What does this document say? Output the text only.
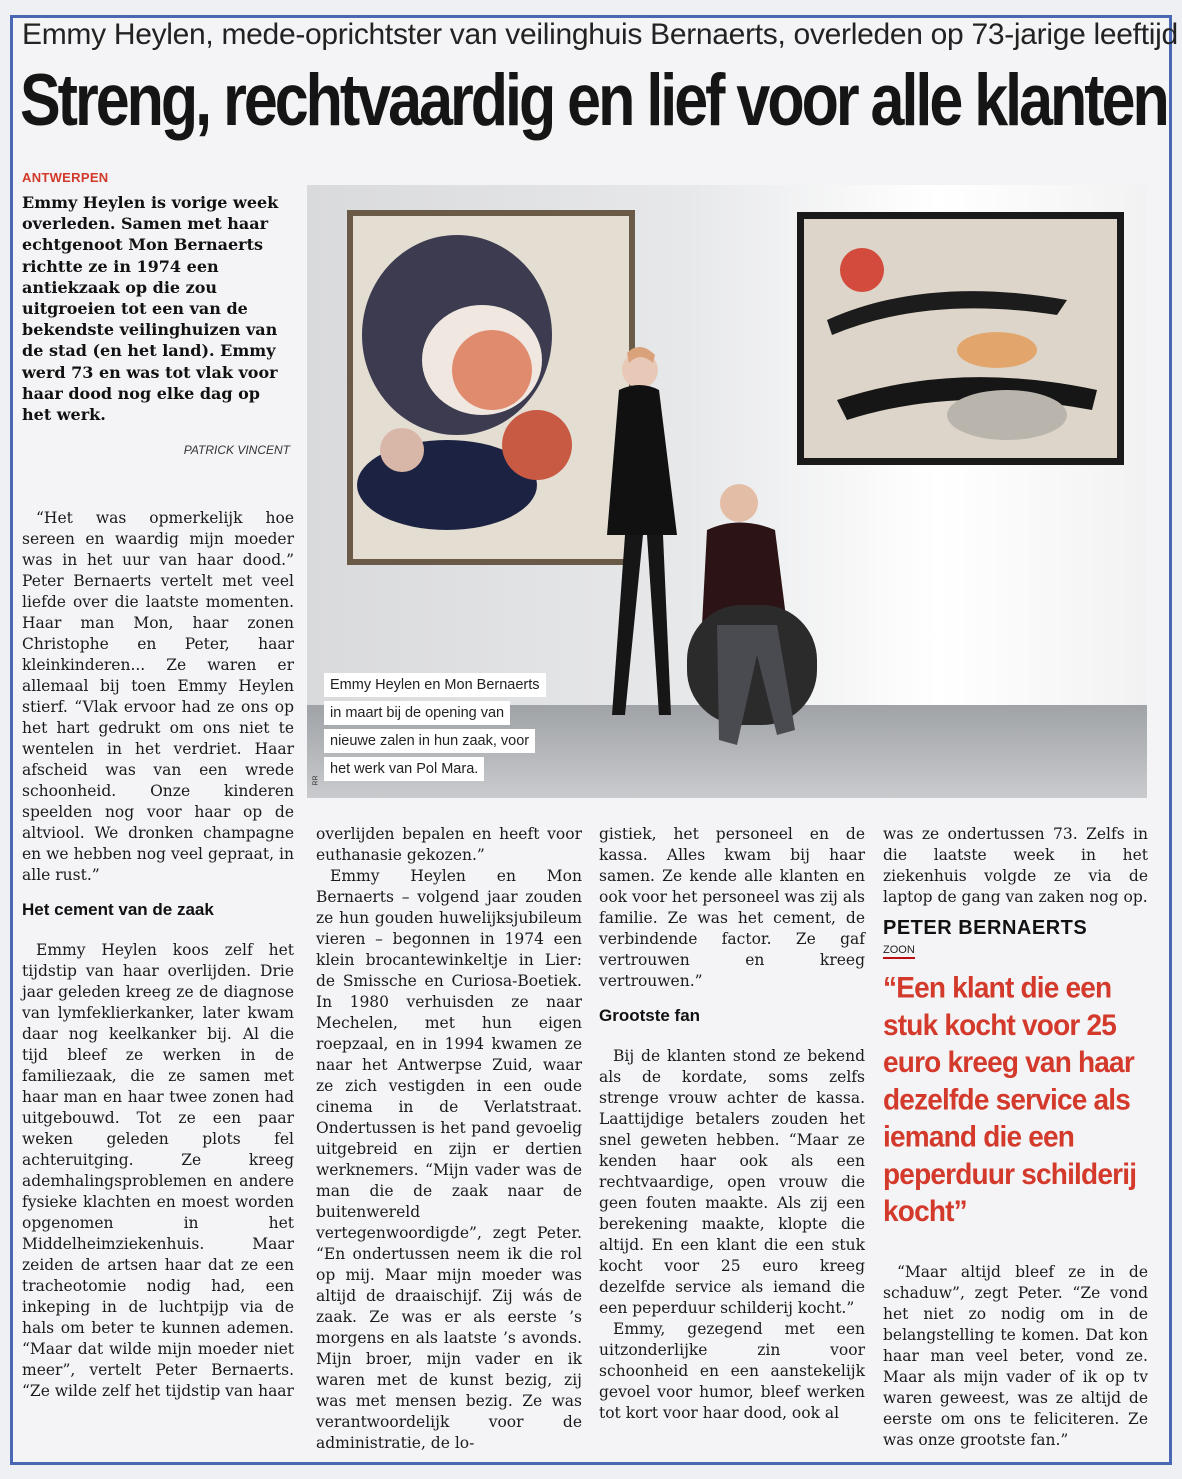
Emmy Heylen, mede-oprichtster van veilinghuis Bernaerts, overleden op 73-jarige leeftijd
Streng, rechtvaardig en lief voor alle klanten
ANTWERPEN

Emmy Heylen is vorige week overleden. Samen met haar echtgenoot Mon Bernaerts richtte ze in 1974 een antiekzaak op die zou uitgroeien tot een van de bekendste veilinghuizen van de stad (en het land). Emmy werd 73 en was tot vlak voor haar dood nog elke dag op het werk.

PATRICK VINCENT
Emmy Heylen en Mon Bernaerts
in maart bij de opening van
nieuwe zalen in hun zaak, voor
het werk van Pol Mara.
RR

“Het was opmerkelijk hoe sereen en waardig mijn moeder was in het uur van haar dood.” Peter Bernaerts vertelt met veel liefde over die laatste momenten. Haar man Mon, haar zonen Christophe en Peter, haar kleinkinderen... Ze waren er allemaal bij toen Emmy Heylen stierf. “Vlak ervoor had ze ons op het hart gedrukt om ons niet te wentelen in het verdriet. Haar afscheid was van een wrede schoonheid. Onze kinderen speelden nog voor haar op de altviool. We dronken champagne en we hebben nog veel gepraat, in alle rust.”

Het cement van de zaak

Emmy Heylen koos zelf het tijdstip van haar overlijden. Drie jaar geleden kreeg ze de diagnose van lymfeklierkanker, later kwam daar nog keelkanker bij. Al die tijd bleef ze werken in de familiezaak, die ze samen met haar man en haar twee zonen had uitgebouwd. Tot ze een paar weken geleden plots fel achteruitging. Ze kreeg ademhalingsproblemen en andere fysieke klachten en moest worden opgenomen in het Middelheimziekenhuis. Maar zeiden de artsen haar dat ze een tracheotomie nodig had, een inkeping in de luchtpijp via de hals om beter te kunnen ademen. “Maar dat wilde mijn moeder niet meer”, vertelt Peter Bernaerts. “Ze wilde zelf het tijdstip van haar

overlijden bepalen en heeft voor euthanasie gekozen.”

Emmy Heylen en Mon Bernaerts – volgend jaar zouden ze hun gouden huwelijksjubileum vieren – begonnen in 1974 een klein brocantewinkeltje in Lier: de Smissche en Curiosa-Boetiek. In 1980 verhuisden ze naar Mechelen, met hun eigen roepzaal, en in 1994 kwamen ze naar het Antwerpse Zuid, waar ze zich vestigden in een oude cinema in de Verlatstraat. Ondertussen is het pand gevoelig uitgebreid en zijn er dertien werknemers. “Mijn vader was de man die de zaak naar de buitenwereld vertegenwoordigde”, zegt Peter. “En ondertussen neem ik die rol op mij. Maar mijn moeder was altijd de draaischijf. Zij wás de zaak. Ze was er als eerste ’s morgens en als laatste ’s avonds. Mijn broer, mijn vader en ik waren met de kunst bezig, zij was met mensen bezig. Ze was verantwoordelijk voor de administratie, de lo-

gistiek, het personeel en de kassa. Alles kwam bij haar samen. Ze kende alle klanten en ook voor het personeel was zij als familie. Ze was het cement, de verbindende factor. Ze gaf vertrouwen en kreeg vertrouwen.”

Grootste fan

Bij de klanten stond ze bekend als de kordate, soms zelfs strenge vrouw achter de kassa. Laattijdige betalers zouden het snel geweten hebben. “Maar ze kenden haar ook als een rechtvaardige, open vrouw die geen fouten maakte. Als zij een berekening maakte, klopte die altijd. En een klant die een stuk kocht voor 25 euro kreeg dezelfde service als iemand die een peperduur schilderij kocht.”

Emmy, gezegend met een uitzonderlijke zin voor schoonheid en een aanstekelijk gevoel voor humor, bleef werken tot kort voor haar dood, ook al

was ze ondertussen 73. Zelfs in die laatste week in het ziekenhuis volgde ze via de laptop de gang van zaken nog op.

PETER BERNAERTS
ZOON
“Een klant die een stuk kocht voor 25 euro kreeg van haar dezelfde service als iemand die een peperduur schilderij kocht”

“Maar altijd bleef ze in de schaduw”, zegt Peter. “Ze vond het niet zo nodig om in de belangstelling te komen. Dat kon haar man veel beter, vond ze. Maar als mijn vader of ik op tv waren geweest, was ze altijd de eerste om ons te feliciteren. Ze was onze grootste fan.”
